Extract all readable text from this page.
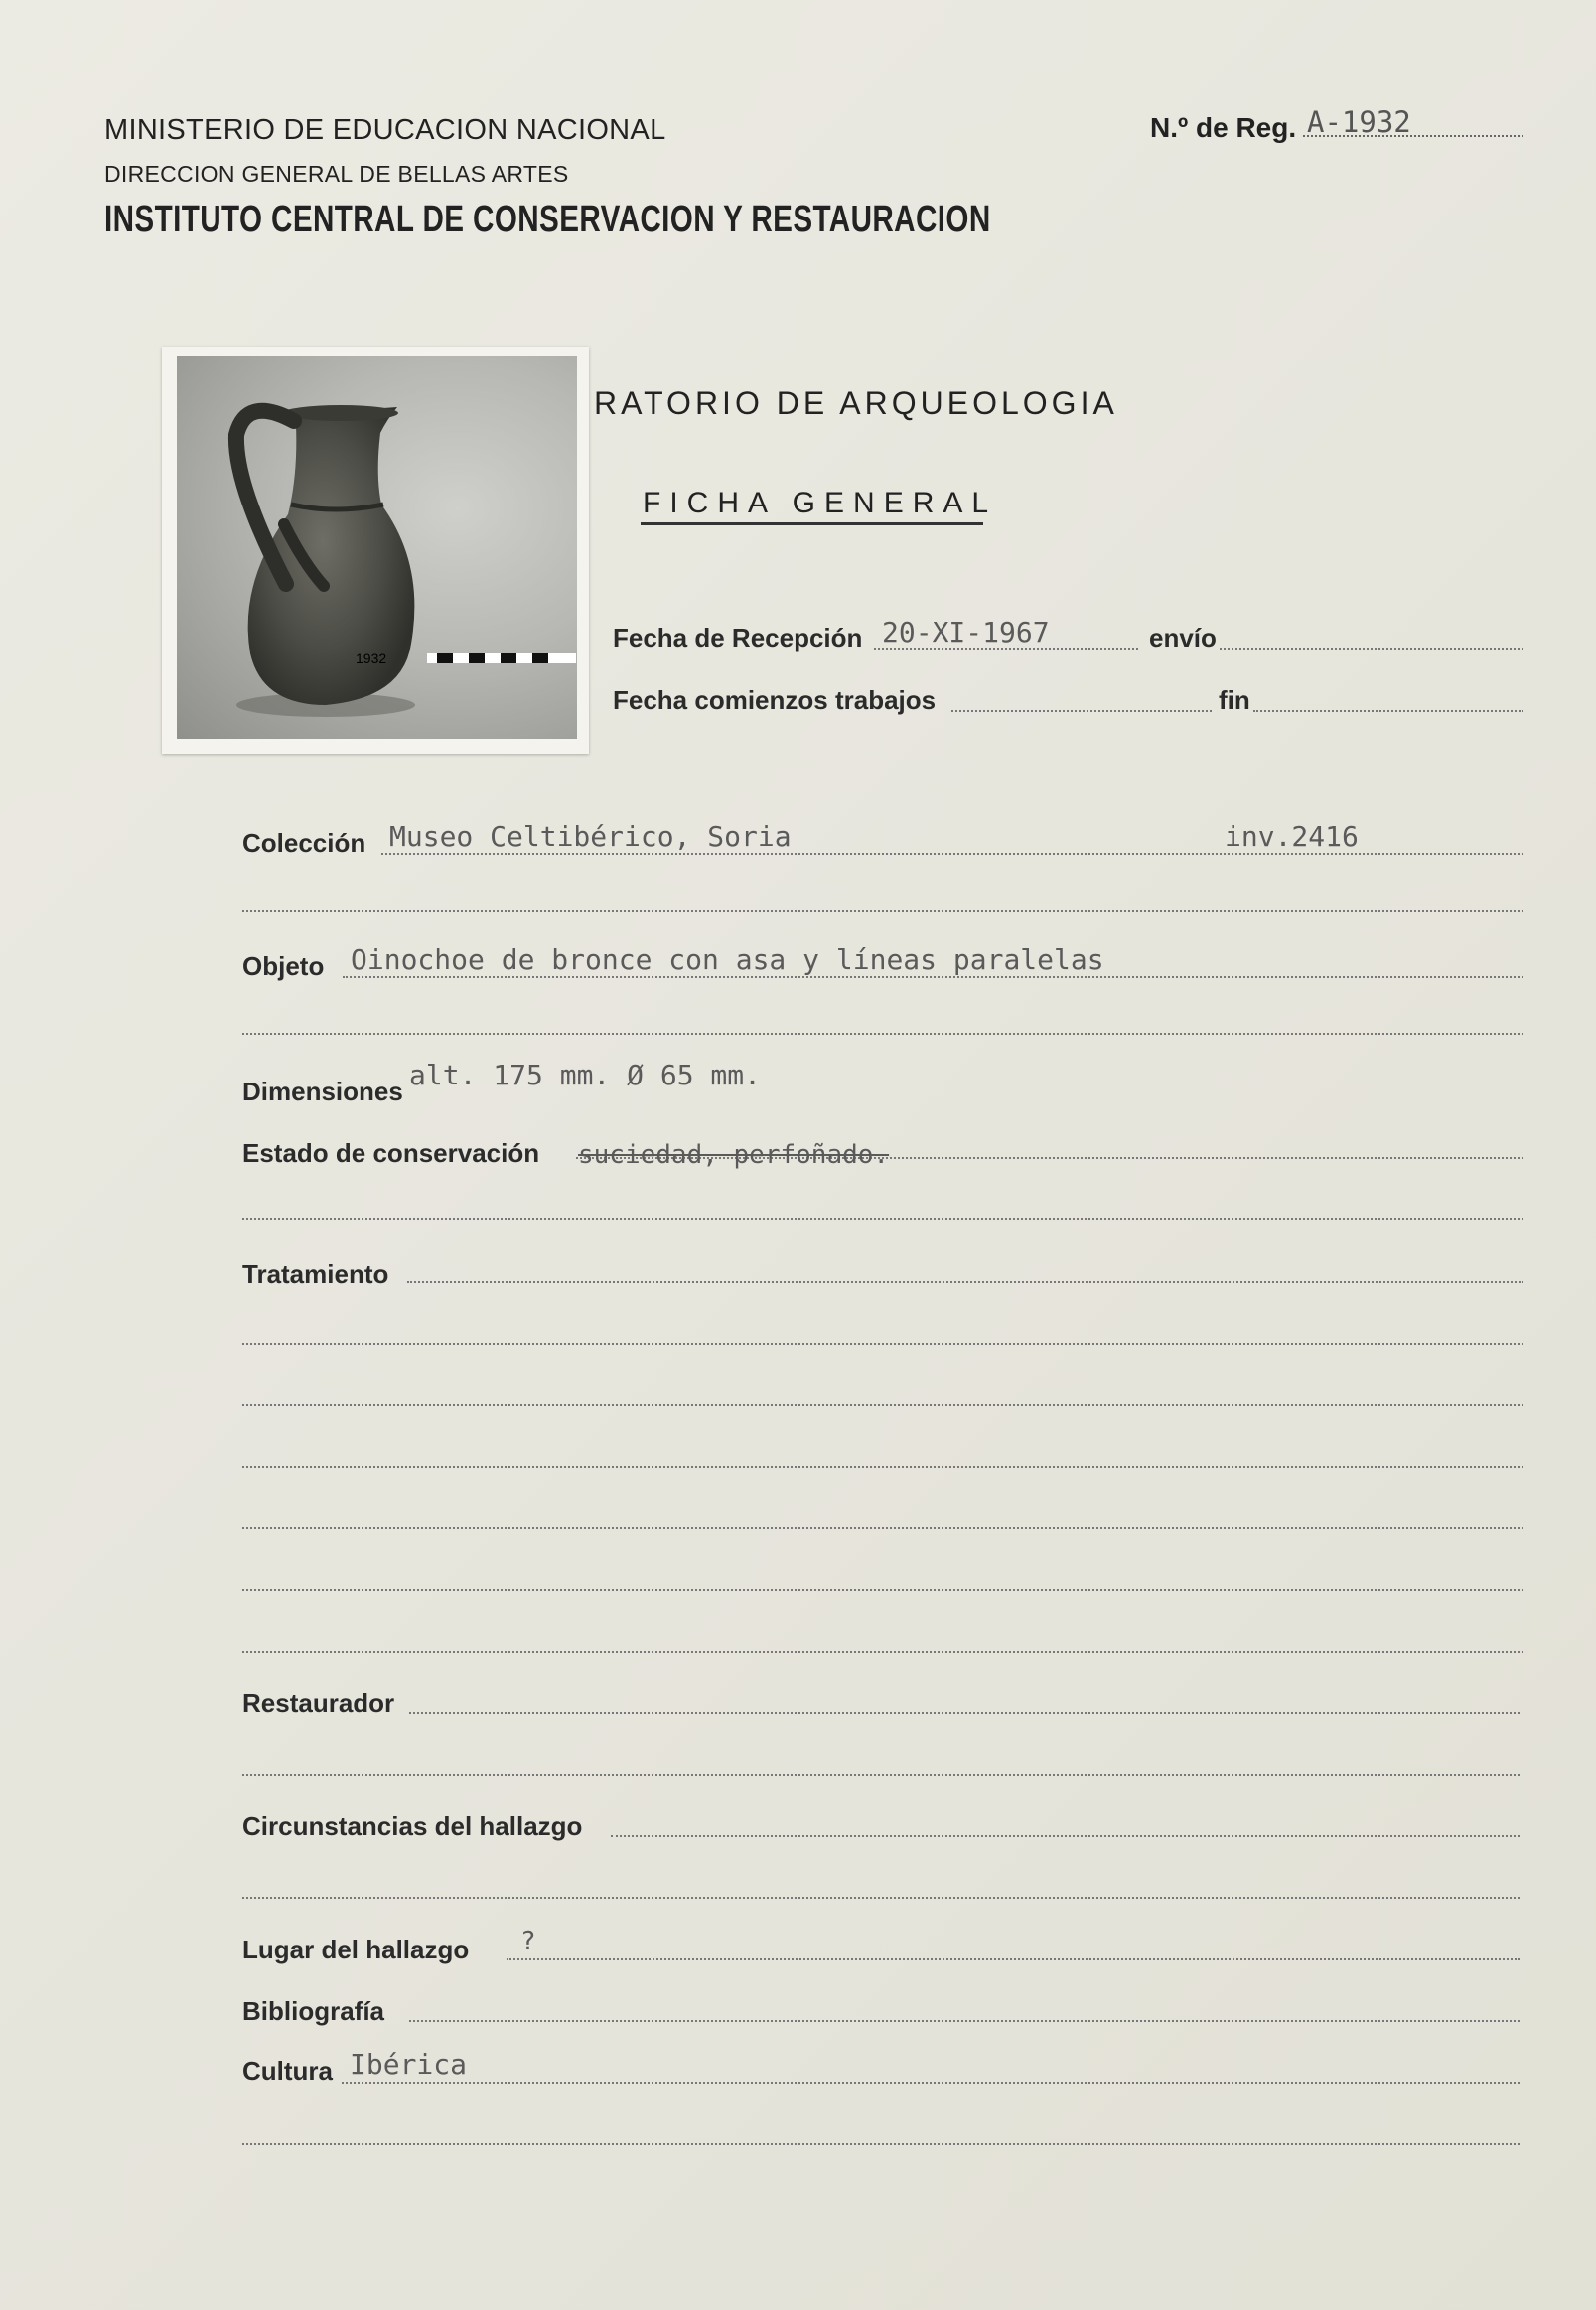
MINISTERIO DE EDUCACION NACIONAL
DIRECCION GENERAL DE BELLAS ARTES
INSTITUTO CENTRAL DE CONSERVACION Y RESTAURACION
N.º de Reg. A-1932
1932
RATORIO DE ARQUEOLOGIA
FICHA GENERAL
Fecha de Recepción 20-XI-1967	envío
Fecha comienzos trabajos	fin
Colección Museo Celtibérico, Soria	inv.2416
Objeto Oinochoe de bronce con asa y líneas paralelas
Dimensiones alt. 175 mm. Ø 65 mm.
Estado de conservación suciedad, perfoñado.
Tratamiento
Restaurador
Circunstancias del hallazgo
Lugar del hallazgo ?
Bibliografía
Cultura Ibérica
